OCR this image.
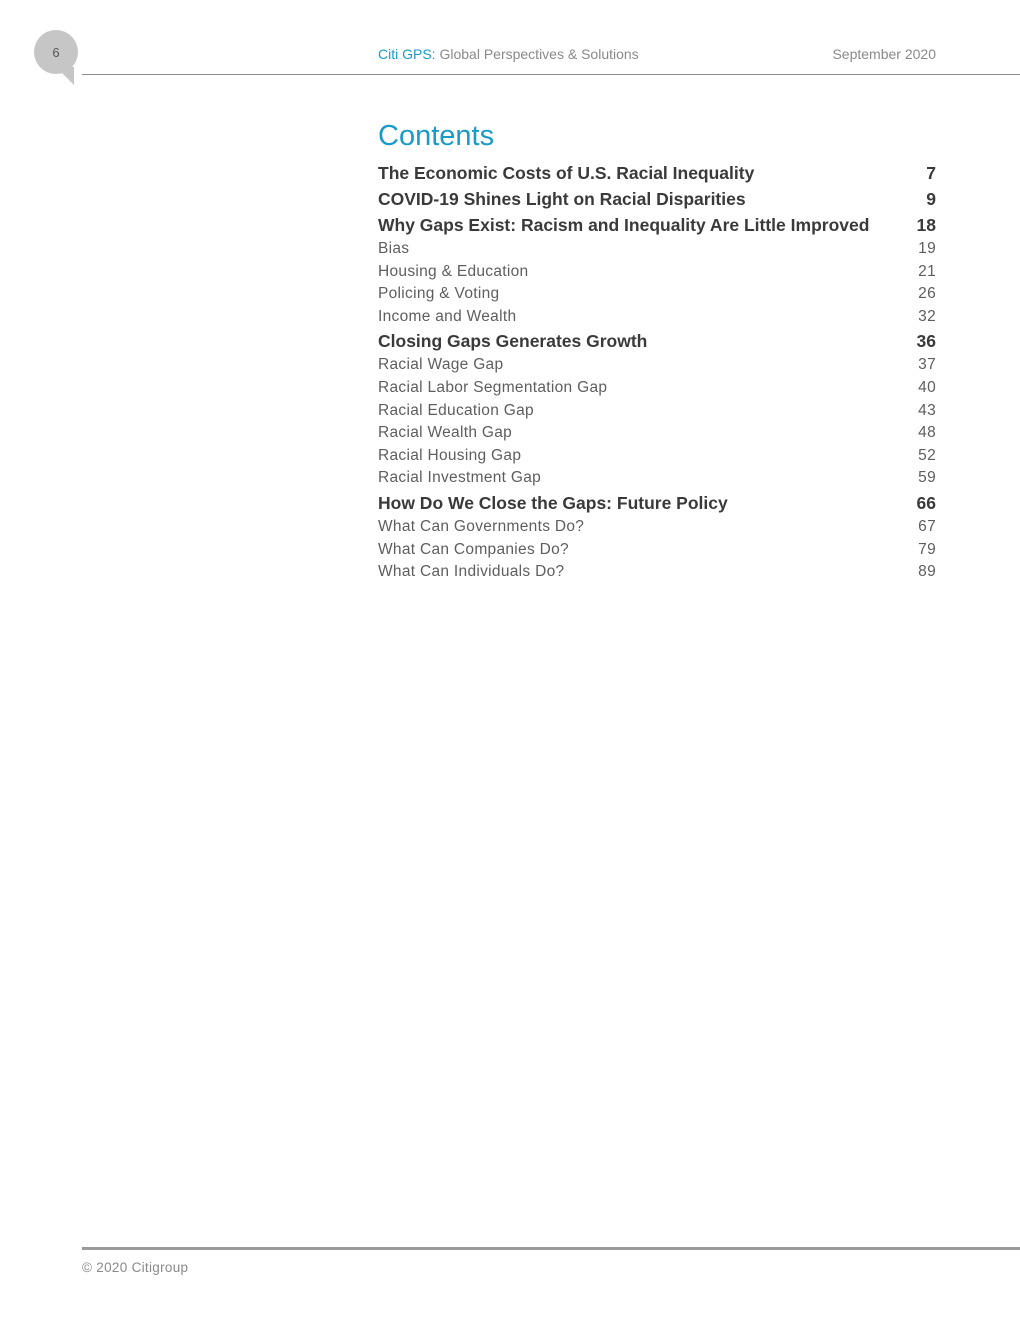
6	Citi GPS: Global Perspectives & Solutions	September 2020
Contents
The Economic Costs of U.S. Racial Inequality	7
COVID-19 Shines Light on Racial Disparities	9
Why Gaps Exist: Racism and Inequality Are Little Improved	18
Bias	19
Housing & Education	21
Policing & Voting	26
Income and Wealth	32
Closing Gaps Generates Growth	36
Racial Wage Gap	37
Racial Labor Segmentation Gap	40
Racial Education Gap	43
Racial Wealth Gap	48
Racial Housing Gap	52
Racial Investment Gap	59
How Do We Close the Gaps: Future Policy	66
What Can Governments Do?	67
What Can Companies Do?	79
What Can Individuals Do?	89
© 2020 Citigroup
